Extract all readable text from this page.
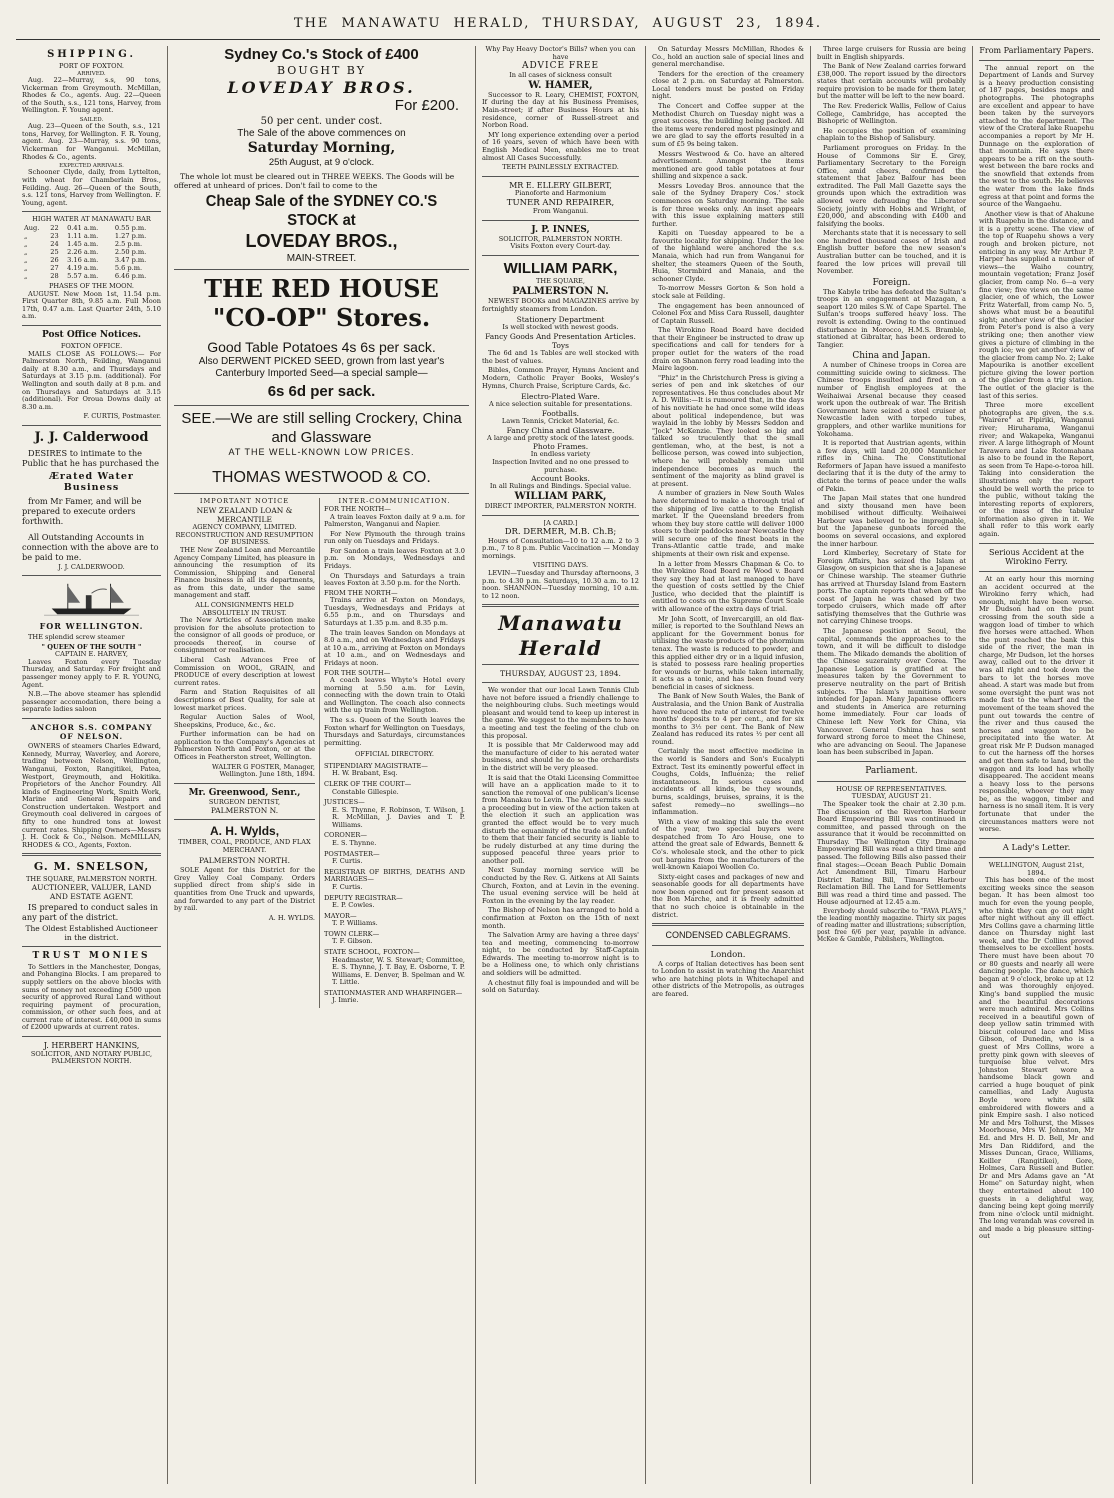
THE MANAWATU HERALD, THURSDAY, AUGUST 23, 1894.
SHIPPING.
PORT OF FOXTON.
ARRIVED.

Aug. 22—Murray, s.s, 90 tons, Vickerman from Greymouth. McMillan, Rhodes & Co., agents. Aug. 22—Queen of the South, s.s., 121 tons, Harvey, from Wellington. F. Young agent.

SAILED.

Aug. 23—Queen of the South, s.s., 121 tons, Harvey, for Wellington. F. R. Young, agent. Aug. 23—Murray, s.s. 90 tons, Vickerman for Wanganui. McMillan, Rhodes & Co., agents.

EXPECTED ARRIVALS.

Schooner Clyde, daily, from Lyttelton, with wheat for Chamberlain Bros., Feilding. Aug. 26—Queen of the South, s.s. 121 tons, Harvey from Wellington. F. Young, agent.

HIGH WATER AT MANAWATU BAR
Aug.	22	0.41 a.m.	0.55 p.m.
„	23	1.11 a.m.	1.27 p.m.
„	24	1.45 a.m.	2.5 p.m.
„	25	2.26 a.m.	2.50 p.m.
„	26	3.16 a.m.	3.47 p.m.
„	27	4.19 a.m.	5.6 p.m.
„	28	5.57 a.m.	6.46 p.m.
PHASES OF THE MOON.

AUGUST. New Moon 1st, 11.54 p.m. First Quarter 8th, 9.85 a.m. Full Moon 17th, 0.47 a.m. Last Quarter 24th, 5.10 a.m.

Post Office Notices.
FOXTON OFFICE.

MAILS CLOSE AS FOLLOWS:— For Palmerston North, Feilding, Wanganui daily at 8.30 a.m., and Thursdays and Saturdays at 3.15 p.m. (additional). For Wellington and south daily at 8 p.m. and on Thursdays and Saturdays at 3.15 (additional). For Oroua Downs daily at 8.30 a.m.

F. CURTIS, Postmaster.
J. J. Calderwood

DESIRES to intimate to the Public that he has purchased the

Ærated Water Business

from Mr Famer, and will be prepared to execute orders forthwith.

All Outstanding Accounts in connection with the above are to be paid to me.

J. J. CALDERWOOD.
FOR WELLINGTON.

THE splendid screw steamer

" QUEEN OF THE SOUTH "
CAPTAIN E. HARVEY,

Leaves Foxton every Tuesday Thursday, and Saturday. For freight and passenger money apply to F. R. YOUNG, Agent.

N.B.—The above steamer has splendid passenger accomodation, there being a separate ladies saloon

ANCHOR S.S. COMPANY OF NELSON.

OWNERS of steamers Charles Edward, Kennedy, Murray, Waverley, and Aorere, trading between Nelson, Wellington, Wanganui, Foxton, Rangitikei, Patea, Westport, Greymouth, and Hokitika. Proprietors of the Anchor Foundry. All kinds of Engineering Work, Smith Work, Marine and General Repairs and Construction undertaken. Westport and Greymouth coal delivered in cargoes of fifty to one hundred tons at lowest current rates. Shipping Owners—Messrs J. H. Cock & Co., Nelson. McMILLAN, RHODES & CO., Agents, Foxton.

G. M. SNELSON,
THE SQUARE, PALMERSTON NORTH.
AUCTIONEER, VALUER, LAND AND ESTATE AGENT.

IS prepared to conduct sales in any part of the district.

The Oldest Established Auctioneer in the district.
TRUST MONIES

To Settlers in the Manchester, Dongas, and Pohangina Blocks. I am prepared to supply settlers on the above blocks with sums of money not exceeding £500 upon security of approved Rural Land without requiring payment of procuration, commission, or other such fees, and at current rate of interest. £40,000 in sums of £2000 upwards at current rates.

J. HERBERT HANKINS,
SOLICITOR, AND NOTARY PUBLIC, PALMERSTON NORTH.
Sydney Co.'s Stock of £400
BOUGHT BY
LOVEDAY BROS.
For £200.
50 per cent. under cost.
The Sale of the above commences on
Saturday Morning,
25th August, at 9 o'clock.

The whole lot must be cleared out in THREE WEEKS. The Goods will be offered at unheard of prices. Don't fail to come to the

Cheap Sale of the SYDNEY CO.'S STOCK at
LOVEDAY BROS.,
MAIN-STREET.
THE RED HOUSE
"CO-OP" Stores.
Good Table Potatoes 4s 6s per sack.
Also DERWENT PICKED SEED, grown from last year's Canterbury Imported Seed—a special sample—
6s 6d per sack.
SEE.—We are still selling Crockery, China and Glassware
AT THE WELL-KNOWN LOW PRICES.
THOMAS WESTWOOD & CO.
IMPORTANT NOTICE
NEW ZEALAND LOAN & MERCANTILE
AGENCY COMPANY, LIMITED.
RECONSTRUCTION AND RESUMPTION OF BUSINESS.

THE New Zealand Loan and Mercantile Agency Company Limited, has pleasure in announcing the resumption of its Commission, Shipping and General Finance business in all its departments, as from this date, under the same management and staff.

ALL CONSIGNMENTS HELD ABSOLUTELY IN TRUST.

The New Articles of Association make provision for the absolute protection to the consignor of all goods or produce, or proceeds thereof, in course of consignment or realisation.

Liberal Cash Advances Free of Commission on WOOL, GRAIN, and PRODUCE of every description at lowest current rates.

Farm and Station Requisites of all descriptions of Best Quality, for sale at lowest market prices.

Regular Auction Sales of Wool, Sheepskins, Produce, &c., &c.

Further information can be had on application to the Company's Agencies at Palmerston North and Foxton, or at the Offices in Featherston street, Wellington.

WALTER G FOSTER, Manager, Wellington. June 18th, 1894.
Mr. Greenwood, Senr.,
SURGEON DENTIST,
PALMERSTON N.
A. H. Wylds,
TIMBER, COAL, PRODUCE, AND FLAX MERCHANT.
PALMERSTON NORTH.

SOLE Agent for this District for the Grey Valley Coal Company. Orders supplied direct from ship's side in quantities from One Truck and upwards, and forwarded to any part of the District by rail.

A. H. WYLDS.
INTER-COMMUNICATION.
FOR THE NORTH—

A train leaves Foxton daily at 9 a.m. for Palmerston, Wanganui and Napier.

For New Plymouth the through trains run only on Tuesdays and Fridays.

For Sandon a train leaves Foxton at 3.0 p.m. on Mondays, Wednesdays and Fridays.

On Thursdays and Saturdays a train leaves Foxton at 3.50 p.m. for the North.

FROM THE NORTH—

Trains arrive at Foxton on Mondays, Tuesdays, Wednesdays and Fridays at 6.55 p.m., and on Thursdays and Saturdays at 1.35 p.m. and 8.35 p.m.

The train leaves Sandon on Mondays at 8.0 a.m., and on Wednesdays and Fridays at 10 a.m., arriving at Foxton on Mondays at 10 a.m., and on Wednesdays and Fridays at noon.

FOR THE SOUTH—

A coach leaves Whyte's Hotel every morning at 5.50 a.m. for Levin, connecting with the down train to Otaki and Wellington. The coach also connects with the up train from Wellington.

The s.s. Queen of the South leaves the Foxton wharf for Wellington on Tuesdays, Thursdays and Saturdays, circumstances permitting.

OFFICIAL DIRECTORY.
STIPENDIARY MAGISTRATE—
H. W. Brabant, Esq.
CLERK OF THE COURT—
Constable Gillespie.
JUSTICES—
E. S. Thynne, F. Robinson, T. Wilson, J. R. McMillan, J. Davies and T. P. Williams.
CORONER—
E. S. Thynne.
POSTMASTER—
F. Curtis.
REGISTRAR OF BIRTHS, DEATHS AND MARRIAGES—
F. Curtis.
DEPUTY REGISTRAR—
E. P. Cowles.
MAYOR—
T. P. Williams.
TOWN CLERK—
T. F. Gibson.
STATE SCHOOL, FOXTON—
Headmaster, W. S. Stewart; Committee, E. S. Thynne, J. T. Bay, E. Osborne, T. P. Williams, E. Denver, B. Spelman and W. T. Little.
STATIONMASTER AND WHARFINGER—
J. Imrie.
Why Pay Heavy Doctor's Bills? when you can have
ADVICE FREE
In all cases of sickness consult
W. HAMER,

Successor to R. Leary, CHEMIST, FOXTON, If during the day at his Business Premises, Main-street; if after Business Hours at his residence, corner of Russell-street and Norbon Road.

MY long experience extending over a period of 16 years, seven of which have been with English Medical Men, enables me to treat almost All Cases Successfully.

TEETH PAINLESSLY EXTRACTED.
MR E. ELLERY GILBERT,
Pianoforte and Harmonium
TUNER AND REPAIRER,
From Wanganui.
J. P. INNES,
SOLICITOR, PALMERSTON NORTH.
Visits Foxton every Court-day.
WILLIAM PARK,
THE SQUARE,
PALMERSTON N.

NEWEST BOOKs and MAGAZINES arrive by fortnightly steamers from London.

Stationery Department
Is well stocked with newest goods.
Fancy Goods And Presentation Articles. Toys

The 6d and 1s Tables are well stocked with the best of values.

Bibles, Common Prayer, Hymns Ancient and Modern, Catholic Prayer Books, Wesley's Hymns, Church Praise, Scripture Cards, &c.

Electro-Plated Ware.
A nice selection suitable for presentations.
Footballs.
Lawn Tennis, Cricket Material, &c.
Fancy China and Glassware.
A large and pretty stock of the latest goods.
Photo Frames.
In endless variety
Inspection Invited and no one pressed to purchase.
Account Books.
In all Rulings and Bindings. Special value.
WILLIAM PARK,
DIRECT IMPORTER, PALMERSTON NORTH.
[A CARD.]
DR. DERMER, M.B. Ch.B;

Hours of Consultation—10 to 12 a.m. 2 to 3 p.m., 7 to 8 p.m. Public Vaccination — Monday mornings.

VISITING DAYS.

LEVIN—Tuesday and Thursday afternoons, 3 p.m. to 4.30 p.m. Saturdays, 10.30 a.m. to 12 noon. SHANNON—Tuesday morning, 10 a.m. to 12 noon.

Manawatu Herald
THURSDAY, AUGUST 23, 1894.

We wonder that our local Lawn Tennis Club have not before issued a friendly challenge to the neighbouring clubs. Such meetings would pleasant and would tend to keep up interest in the game. We suggest to the members to have a meeting and test the feeling of the club on this proposal.

It is possible that Mr Calderwood may add the manufacture of cider to his aerated water business, and should he do so the orchardists in the district will be very pleased.

It is said that the Otaki Licensing Committee will have an a application made to it to sanction the removal of one publican's license from Manakau to Levin. The Act permits such a proceeding but in view of the action taken at the election it such an application was granted the effect would be to very much disturb the equanimity of the trade and unfold to them that their fancied security is liable to be rudely disturbed at any time during the supposed peaceful three years prior to another poll.

Next Sunday morning service will be conducted by the Rev. G. Aitkens at All Saints Church, Foxton, and at Levin in the evening. The usual evening service will be held at Foxton in the evening by the lay reader.

The Bishop of Nelson has arranged to hold a confirmation at Foxton on the 15th of next month.

The Salvation Army are having a three days' tea and meeting, commencing to-morrow night, to be conducted by Staff-Captain Edwards. The meeting to-morrow night is to be a Holiness one, to which only christians and soldiers will be admitted.

A chestnut filly foal is impounded and will be sold on Saturday.

On Saturday Messrs McMillan, Rhodes & Co., hold an auction sale of special lines and general merchandise.

Tenders for the erection of the creamery close at 2 p.m. on Saturday at Palmerston. Local tenders must be posted on Friday night.

The Concert and Coffee supper at the Methodist Church on Tuesday night was a great success, the building being packed. All the items were rendered most pleasingly and we are glad to say the efforts resulted in a sum of £5 9s being taken.

Messrs Westwood & Co. have an altered advertisement. Amongst the items mentioned are good table potatoes at four shilling and sixpence a sack.

Messrs Loveday Bros. announce that the sale of the Sydney Drapery Cos.' stock commences on Saturday morning. The sale is for three weeks only. An inset appears with this issue explaining matters still further.

Kapiti on Tuesday appeared to be a favourite locality for shipping. Under the lee of the highland were anchored the s.s. Manaia, which had run from Wanganui for shelter, the steamers Queen of the South, Huia, Stormbird and Manaia, and the schooner Clyde.

To-morrow Messrs Gorton & Son hold a stock sale at Feilding.

The engagement has been announced of Colonel Fox and Miss Cara Russell, daughter of Captain Russell.

The Wirokino Road Board have decided that their Engineer be instructed to draw up specifications and call for tenders for a proper outlet for the waters of the road drain on Shannon ferry road leading into the Maire lagoon.

"Phiz" in the Christchurch Press is giving a series of pen and ink sketches of our representatives. He thus concludes about Mr A. D. Willis:—It is rumoured that, in the days of his novitiate he had once some wild ideas about political independence, but was waylaid in the lobby by Messrs Seddon and "Jock" McKenzie. They looked so big and talked so truculently that the small gentleman, who, at the best, is not a bellicose person, was cowed into subjection, where he will probably remain until independence becomes as much the sentiment of the majority as blind gravel is at present.

A number of graziers in New South Wales have determined to make a thorough trial of the shipping of live cattle to the English market. If the Queensland breeders from whom they buy store cattle will deliver 1000 steers to their paddocks near Newcastle they will secure one of the finest boats in the Trans-Atlantic cattle trade, and make shipments at their own risk and expense.

In a letter from Messrs Chapman & Co. to the Wirokino Road Board re Wood v. Board they say they had at last managed to have the question of costs settled by the Chief Justice, who decided that the plaintiff is entitled to costs on the Supreme Court Scale with allowance of the extra days of trial.

Mr John Scott, of Invercargill, an old flax-miller, is reported to the Southland News an applicant for the Government bonus for utilising the waste products of the phormium tenax. The waste is reduced to powder, and this applied either dry or in a liquid infusion, is stated to possess rare healing properties for wounds or burns, while taken internally, it acts as a tonic, and has been found very beneficial in cases of sickness.

The Bank of New South Wales, the Bank of Australasia, and the Union Bank of Australia have reduced the rate of interest for twelve months' deposits to 4 per cent., and for six months to 3½ per cent. The Bank of New Zealand has reduced its rates ½ per cent all round.

Certainly the most effective medicine in the world is Sanders and Son's Eucalypti Extract. Test its eminently powerful effect in Coughs, Colds, Influenza; the relief instantaneous. In serious cases and accidents of all kinds, be they wounds, burns, scaldings, bruises, sprains, it is the safest remedy—no swellings—no inflammation.

With a view of making this sale the event of the year, two special buyers were despatched from To Aro House, one to attend the great sale of Edwards, Bennett & Co's. wholesale stock, and the other to pick out bargains from the manufacturers of the well-known Kaiapoi Woollen Co.

Sixty-eight cases and packages of new and seasonable goods for all departments have now been opened out for present season at the Bon Marche, and it is freely admitted that no such choice is obtainable in the district.

CONDENSED CABLEGRAMS.
London.

A corps of Italian detectives has been sent to London to assist in watching the Anarchist who are hatching plots in Whitechapel and other districts of the Metropolis, as outrages are feared.

Three large cruisers for Russia are being built in English shipyards.

The Bank of New Zealand carries forward £38,000. The report issued by the directors states that certain accounts will probably require provision to be made for them later, but the matter will be left to the new board.

The Rev. Frederick Wallis, Fellow of Caius College, Cambridge, has accepted the Bishopric of Wellington.

He occupies the position of examining chaplain to the Bishop of Salisbury.

Parliament prorogues on Friday. In the House of Commons Sir E. Grey, Parliamentary Secretary to the Foreign Office, amid cheers, confirmed the statement that Jabez Balfour has been extradited. The Pall Mall Gazette says the grounds upon which the extradition was allowed were defrauding the Liberator Society, jointly with Hobbs and Wright, of £20,000, and absconding with £400 and falsifying the books.

Merchants state that it is necessary to sell one hundred thousand cases of Irish and English butter before the new season's Australian butter can be touched, and it is feared the low prices will prevail till November.

Foreign.

The Kabyle tribe has defeated the Sultan's troops in an engagement at Mazagan, a seaport 120 miles S.W. of Cape Spartel. The Sultan's troops suffered heavy loss. The revolt is extending. Owing to the continued disturbance in Morocco, H.M.S. Bramble, stationed at Gibraltar, has been ordered to Tangier.

China and Japan.

A number of Chinese troops in Corea are committing suicide owing to sickness. The Chinese troops insulted and fired on a number of English employees at the Weihaiwai Arsenal because they ceased work upon the outbreak of war. The British Government have seized a steel cruiser at Newcastle laden with torpedo tubes, grapplers, and other warlike munitions for Yokohama.

It is reported that Austrian agents, within a few days, will land 20,000 Mannlicher rifles in China. The Constitutional Reformers of Japan have issued a manifesto declaring that it is the duty of the army to dictate the terms of peace under the walls of Pekin.

The Japan Mail states that one hundred and sixty thousand men have been mobilised without difficulty. Weihaiwei Harbour was believed to be impregnable, but the Japanese gunboats forced the booms on several occasions, and explored the inner harbour.

Lord Kimberley, Secretary of State for Foreign Affairs, has seized the Islam at Glasgow, on suspicion that she is a Japanese or Chinese warship. The steamer Guthrie has arrived at Thursday Island from Eastern ports. The captain reports that when off the coast of Japan he was chased by two torpedo cruisers, which made off after satisfying themselves that the Guthrie was not carrying Chinese troops.

The Japanese position at Seoul, the capital, commands the approaches to the town, and it will be difficult to dislodge them. The Mikado demands the abolition of the Chinese suzerainty over Corea. The Japanese Legation is gratified at the measures taken by the Government to preserve neutrality on the part of British subjects. The Islam's munitions were intended for Japan. Many Japanese officers and students in America are returning home immediately. Four car loads of Chinese left New York for China, via Vancouver. General Oshima has sent forward strong force to meet the Chinese, who are advancing on Seoul. The Japanese loan has been subscribed in Japan.

Parliament.
HOUSE OF REPRESENTATIVES.
TUESDAY, AUGUST 21.

The Speaker took the chair at 2.30 p.m. The discussion of the Riverton Harbour Board Empowering Bill was continued in committee, and passed through on the assurance that it would be recommitted on Thursday. The Wellington City Drainage Empowering Bill was read a third time and passed. The following Bills also passed their final stages:—Ocean Beach Public Domain Act Amendment Bill, Timaru Harbour District Rating Bill, Timaru Harbour Reclamation Bill. The Land for Settlements Bill was read a third time and passed. The House adjourned at 12.45 a.m.

Everybody should subscribe to "FAVA PLAYS," the leading monthly magazine. Thirty six pages of reading matter and illustrations; subscription, post free 6/6 per year, payable in advance. McKee & Gamble, Publishers, Wellington.

From Parliamentary Papers.

The annual report on the Department of Lands and Survey is a heavy production consisting of 187 pages, besides maps and photographs. The photographs are excellent and appear to have been taken by the surveyors attached to the department. The view of the Crateral lake Ruapehu accompanies a report by Mr H. Dunnage on the exploration of that mountain. He says there appears to be a rift on the south-west between the bare rocks and the snowfield that extends from the west to the south. He believes the water from the lake finds egress at that point and forms the source of the Wangaehu.

Another view is that of Ahakune with Ruapehu in the distance, and it is a pretty scene. The view of the top of Ruapehu shows a very rough and broken picture, not enticing in any way. Mr Arthur P. Harper has supplied a number of views—the Waiho country, mountain vegetation; Franz Josef glacier, from camp No. 6—a very fine view; five views on the same glacier, one of which, the Lower Fritz Waterfall, from camp No. 5, shows what must be a beautiful sight; another view of the glacier from Peter's pond is also a very striking one; then another view gives a picture of climbing in the rough ice; we get another view of the glacier from camp No. 2; Lake Mapourika is another excellent picture giving the lower portion of the glacier from a trig station. The outlet of the glacier is the last of this series.

Three more excellent photographs are given, the s.s. "Wairere" at Pipiriki, Wanganui river; Hiruharama, Wanganui river; and Wakapeka, Wanganui river. A large lithograph of Mount Tarawera and Lake Rotomahana is also to be found in the Report, as seen from Te Hape-o-toroa hill. Taking into consideration the illustrations only the report should be well worth the price to the public, without taking the interesting reports of explorers, or the mass of the tabular information also given in it. We shall refer to this work early again.

Serious Accident at the Wirokino Ferry.

At an early hour this morning an accident occurred at the Wirokino ferry which, had enough, might have been worse. Mr Dudson had on the punt crossing from the south side a waggon load of timber to which five horses were attached. When the punt reached the bank this side of the river, the man in charge, Mr Dudson, let the horses away, called out to the driver it was all right and took down the bars to let the horses move ahead. A start was made but from some oversight the punt was not made fast to the wharf and the movement of the team shoved the punt out towards the centre of the river and thus caused the horses and waggon to be precipitated into the water. At great risk Mr P. Dudson managed to cut the harness off the horses and get them safe to land, but the waggon and its load has wholly disappeared. The accident means a heavy loss to the persons responsible, whoever they may be, as the waggon, timber and harness is no small item. It is very fortunate that under the circumstances matters were not worse.

A Lady's Letter.
WELLINGTON, August 21st, 1894.

This has been one of the most exciting weeks since the season began. It has been almost too much for even the young people, who think they can go out night after night without any ill effect. Mrs Collins gave a charming little dance on Thursday night last week, and the Dr Collins proved themselves to be excellent hosts. There must have been about 70 or 80 guests and nearly all were dancing people. The dance, which began at 9 o'clock, broke up at 12 and was thoroughly enjoyed. King's band supplied the music and the beautiful decorations were much admired. Mrs Collins received in a beautiful gown of deep yellow satin trimmed with biscuit coloured lace and Miss Gibson, of Dunedin, who is a guest of Mrs Collins, wore a pretty pink gown with sleeves of turquoise blue velvet. Mrs Johnston Stewart wore a handsome black gown and carried a huge bouquet of pink camellias, and Lady Augusta Boyle wore white silk embroidered with flowers and a pink Empire sash. I also noticed Mr and Mrs Tolhurst, the Misses Moorhouse, Mrs W. Johnston, Mr Ed. and Mrs H. D. Bell, Mr and Mrs Dan Riddiford, and the Misses Duncan, Grace, Williams, Keiller (Rangitikei), Gore, Holmes, Cara Russell and Butler. Dr and Mrs Adams gave an "At Home" on Saturday night, when they entertained about 100 guests in a delightful way, dancing being kept going merrily from nine o'clock until midnight. The long verandah was covered in and made a big pleasure sitting-out
